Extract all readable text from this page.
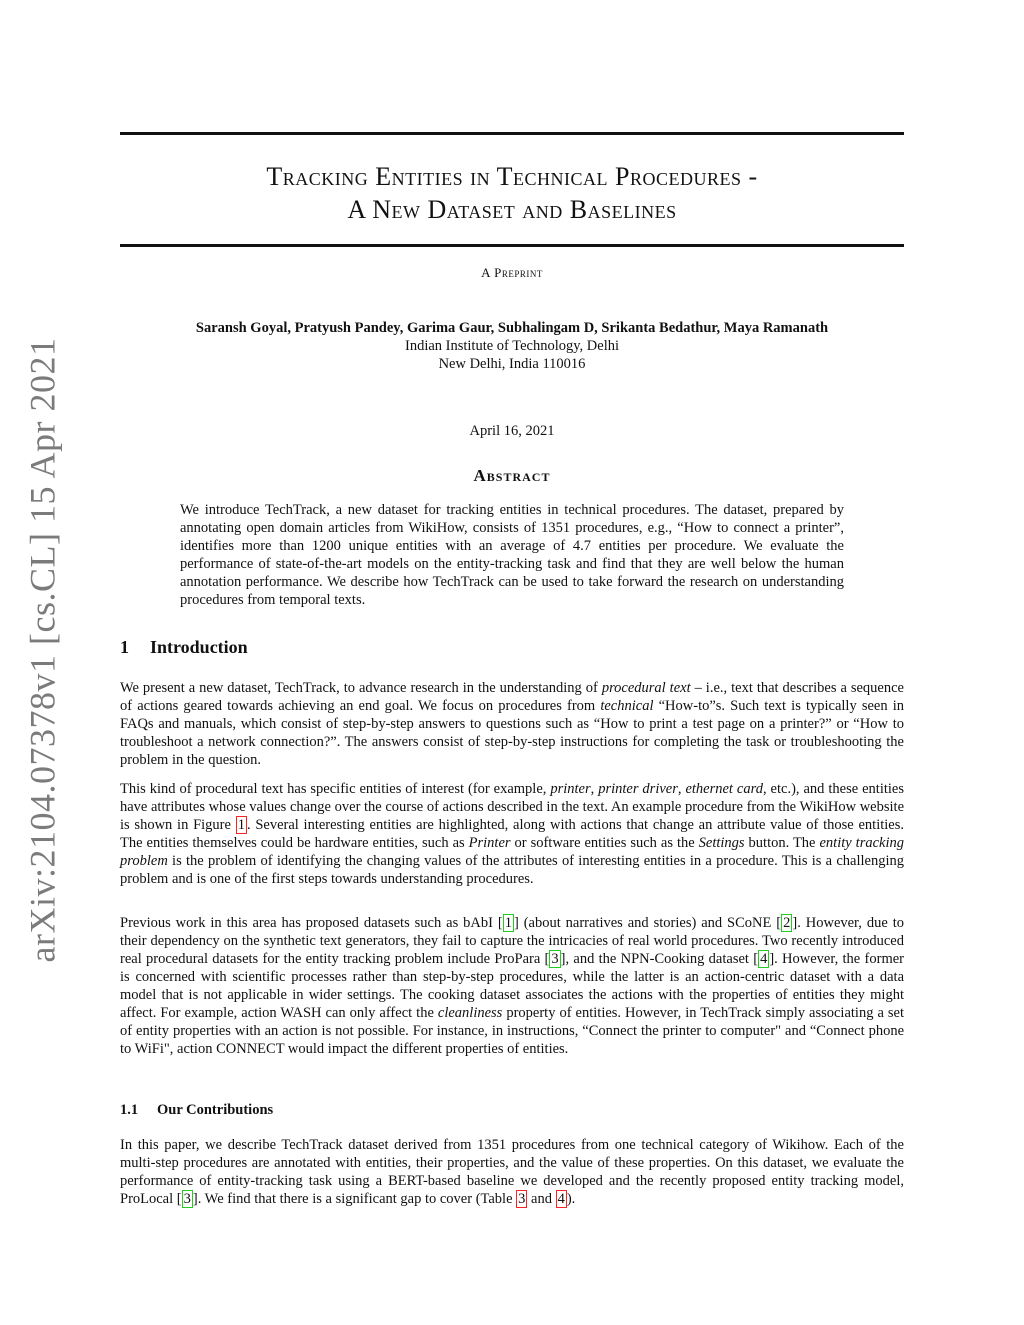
arXiv:2104.07378v1 [cs.CL] 15 Apr 2021
Tracking Entities in Technical Procedures -
A New Dataset and Baselines
A Preprint
Saransh Goyal, Pratyush Pandey, Garima Gaur, Subhalingam D, Srikanta Bedathur, Maya Ramanath
Indian Institute of Technology, Delhi
New Delhi, India 110016
April 16, 2021
Abstract
We introduce TechTrack, a new dataset for tracking entities in technical procedures. The dataset, prepared by annotating open domain articles from WikiHow, consists of 1351 procedures, e.g., “How to connect a printer”, identifies more than 1200 unique entities with an average of 4.7 entities per procedure. We evaluate the performance of state-of-the-art models on the entity-tracking task and find that they are well below the human annotation performance. We describe how TechTrack can be used to take forward the research on understanding procedures from temporal texts.
1 Introduction

We present a new dataset, TechTrack, to advance research in the understanding of procedural text – i.e., text that describes a sequence of actions geared towards achieving an end goal. We focus on procedures from technical “How-to”s. Such text is typically seen in FAQs and manuals, which consist of step-by-step answers to questions such as “How to print a test page on a printer?” or “How to troubleshoot a network connection?”. The answers consist of step-by-step instructions for completing the task or troubleshooting the problem in the question.

This kind of procedural text has specific entities of interest (for example, printer, printer driver, ethernet card, etc.), and these entities have attributes whose values change over the course of actions described in the text. An example procedure from the WikiHow website is shown in Figure 1 . Several interesting entities are highlighted, along with actions that change an attribute value of those entities. The entities themselves could be hardware entities, such as Printer or software entities such as the Settings button. The entity tracking problem is the problem of identifying the changing values of the attributes of interesting entities in a procedure. This is a challenging problem and is one of the first steps towards understanding procedures.

Previous work in this area has proposed datasets such as bAbI [ 1 ] (about narratives and stories) and SCoNE [ 2 ]. However, due to their dependency on the synthetic text generators, they fail to capture the intricacies of real world procedures. Two recently introduced real procedural datasets for the entity tracking problem include ProPara [ 3 ], and the NPN-Cooking dataset [ 4 ]. However, the former is concerned with scientific processes rather than step-by-step procedures, while the latter is an action-centric dataset with a data model that is not applicable in wider settings. The cooking dataset associates the actions with the properties of entities they might affect. For example, action WASH can only affect the cleanliness property of entities. However, in TechTrack simply associating a set of entity properties with an action is not possible. For instance, in instructions, “Connect the printer to computer" and “Connect phone to WiFi", action CONNECT would impact the different properties of entities.

1.1 Our Contributions

In this paper, we describe TechTrack dataset derived from 1351 procedures from one technical category of Wikihow. Each of the multi-step procedures are annotated with entities, their properties, and the value of these properties. On this dataset, we evaluate the performance of entity-tracking task using a BERT-based baseline we developed and the recently proposed entity tracking model, ProLocal [ 3 ]. We find that there is a significant gap to cover (Table 3 and 4 ).
